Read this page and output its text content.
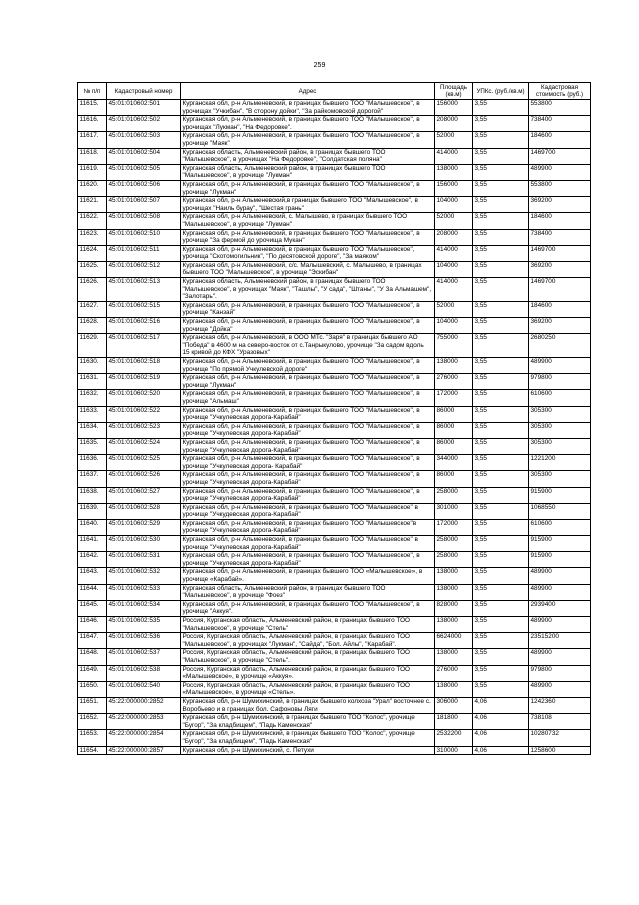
259
№ п/п	Кадастровый номер	Адрес	Площадь (кв.м)	УПКс. (руб./кв.м)	Кадастровая стоимость (руб.)
11615.	45:01:010602:501	Курганская обл, р-н Альменевский, в границах бывшего ТОО "Малышевское", в урочищах "Учкибан", "В сторону дойки", "За райкомовской дорогой"	156000	3,55	553800
11616.	45:01:010602:502	Курганская обл, р-н Альменевский, в границах бывшего ТОО "Малышевское", в урочищах "Лукман", "На Федоровке".	208000	3,55	738400
11617.	45:01:010602:503	Курганская обл, р-н Альменевский, в границах бывшего ТОО "Малышевское", в урочище "Маяк"	52000	3,55	184600
11618.	45:01:010602:504	Курганская область, Альменевский район, в границах бывшего ТОО "Малышевское", в урочищах "На Федоровке", "Солдатская поляна"	414000	3,55	1469700
11619.	45:01:010602:505	Курганская область, Альменевский район, в границах бывшего ТОО "Малышевское", в урочище "Лукман"	138000	3,55	489900
11620.	45:01:010602:506	Курганская обл, р-н Альменевский, в границах бывшего ТОО "Малышевское", в урочище "Лукман"	156000	3,55	553800
11621.	45:01:010602:507	Курганская обл, р-н Альменевский,в границах бывшего ТОО "Малышевское", в урочищах "Наиль бурау", "Шестая грань"	104000	3,55	369200
11622.	45:01:010602:508	Курганская обл, р-н Альменевский, с. Малышево, в границах бывшего ТОО "Малышевское", в урочище "Лукман"	52000	3,55	184600
11623.	45:01:010602:510	Курганская обл, р-н Альменевский, в границах бывшего ТОО "Малышевское", в урочище "За фермой до урочища Мукан"	208000	3,55	738400
11624.	45:01:010602:511	Курганская обл, р-н Альменевский, в границах бывшего ТОО "Малышевское", урочища "Скотомогильник", "По десятовской дороге", "За маяком"	414000	3,55	1469700
11625.	45:01:010602:512	Курганская обл, р-н Альменевский, с/с. Малышевский, с. Малышево, в границах бывшего ТОО "Малышевское", в урочище "Эскибан"	104000	3,55	369200
11626.	45:01:010602:513	Курганская область, Альменевский район, в границах бывшего ТОО "Малышевское", в урочищах "Маяк", "Ташлы", "У сада", "Штаны", "У За Альмашем", "Залотарь".	414000	3,55	1469700
11627.	45:01:010602:515	Курганская обл, р-н Альменевский, в границах бывшего ТОО "Малышевское", в урочище "Канзай"	52000	3,55	184600
11628.	45:01:010602:516	Курганская обл, р-н Альменевский, в границах бывшего ТОО "Малышевское", в урочище "Дойка"	104000	3,55	369200
11629.	45:01:010602:517	Курганская обл, р-н Альменевский, в ООО МТс. "Заря" в границах бывшего АО "Победа" в 4600 м на северо-восток от с.Танрыкулово, урочище "За садом вдоль 15 кривой до КФХ "Уразовых"	755000	3,55	2680250
11630.	45:01:010602:518	Курганская обл, р-н Альменевский, в границах бывшего ТОО "Малышевское", в урочище "По прямой Учкулевской дороге"	138000	3,55	489900
11631.	45:01:010602:519	Курганская обл, р-н Альменевский, в границах бывшего ТОО "Малышевское", в урочище "Лукман"	276000	3,55	979800
11632.	45:01:010602:520	Курганская обл, р-н Альменевский, в границах бывшего ТОО "Малышевское", в урочище "Альмаш"	172000	3,55	610600
11633.	45:01:010602:522	Курганская обл, р-н Альменевский, в границах бывшего ТОО "Малышевское", в урочище "Учкулевская дорога-Карабай"	86000	3,55	305300
11634.	45:01:010602:523	Курганская обл, р-н Альменевский, в границах бывшего ТОО "Малышевское", в урочище "Учкулевская дорога-Карабай"	86000	3,55	305300
11635.	45:01:010602:524	Курганская обл, р-н Альменевский, в границах бывшего ТОО "Малышевское", в урочище "Учкулевская дорога-Карабай"	86000	3,55	305300
11636.	45:01:010602:525	Курганская обл, р-н Альменевский, в границах бывшего ТОО "Малышевское", в урочище "Учкулевская дорога- Карабай"	344000	3,55	1221200
11637.	45:01:010602:526	Курганская обл, р-н Альменевский, в границах бывшего ТОО "Малышевское", в урочище "Учкулевская дорога-Карабай"	86000	3,55	305300
11638.	45:01:010602:527	Курганская обл, р-н Альменевский, в границах бывшего ТОО "Малышевское", в урочище "Учкулевская дорога-Карабай"	258000	3,55	915900
11639.	45:01:010602:528	Курганская обл, р-н Альменевский, в границах бывшего ТОО "Малышевское" в урочище "Учкудевская дорога-Карабай"	301000	3,55	1068550
11640.	45:01:010602:529	Курганская обл, р-н Альменевский, в границах бывшего ТОО "Малышевское"в урочище "Учкулевская дорога-Карабай"	172000	3,55	610600
11641.	45:01:010602:530	Курганская обл, р-н Альменевский, в границах бывшего ТОО "Малышевское" в урочище "Учкулевская дорога-Карабай"	258000	3,55	915900
11642.	45:01:010602:531	Курганская обл, р-н Альменевский, в границах бывшего ТОО "Малышевское", в урочище "Учкулевская дорога-Карабай"	258000	3,55	915900
11643.	45:01:010602:532	Курганская обл, р-н Альменевский, в границах бывшего ТОО «Малышевское», в урочище «Карабай».	138000	3,55	489900
11644.	45:01:010602:533	Курганская область, Альменевский район, в границах бывшего ТОО "Малышевское", в урочище "Фоез"	138000	3,55	489900
11645.	45:01:010602:534	Курганская обл, р-н Альменевский, в границах бывшего ТОО "Малышевское", в урочище "Аккуя".	828000	3,55	2939400
11646.	45:01:010602:535	Россия, Курганская область, Альменевский район, в границах бывшего ТОО "Малышевское", в урочище "Стель"	138000	3,55	489900
11647.	45:01:010602:536	Россия, Курганская область, Альменевский район, в границах бывшего ТОО "Малышевское", в урочищах "Лукман", "Сайда", "Бол. Айлы", "Карабай".	6624000	3,55	23515200
11648.	45:01:010602:537	Россия, Курганская область, Альменевский район, в границах бывшего ТОО "Малышевское", в урочище "Стель".	138000	3,55	489900
11649.	45:01:010602:538	Россия, Курганская область, Альменевский район, в границах бывшего ТОО «Малышевское», в урочище «Аккуя».	276000	3,55	979800
11650.	45:01:010602:540	Россия, Курганская область, Альменевский район, в границах бывшего ТОО «Малышевское», в урочище «Стель».	138000	3,55	489900
11651.	45:22:000000:2852	Курганская обл, р-н Шумихинский, в границах бывшего колхоза "Урал" восточнее с. Воробьево и в границах бол. Сафоновы Ляги	306000	4,06	1242360
11652.	45:22:000000:2853	Курганская обл, р-н Шумихинский, в границах бывшего ТОО "Колос", урочище "Бугор", "За кладбищем", "Падь Каменская"	181800	4,06	738108
11653.	45:22:000000:2854	Курганская обл, р-н Шумихинский, в границах бывшего ТОО "Колос", урочище "Бугор", "За кладбищем", "Падь Каменская"	2532200	4,06	10280732
11654.	45:22:000000:2857	Курганская обл, р-н Шумихинский, с. Петухи	310000	4,06	1258600
